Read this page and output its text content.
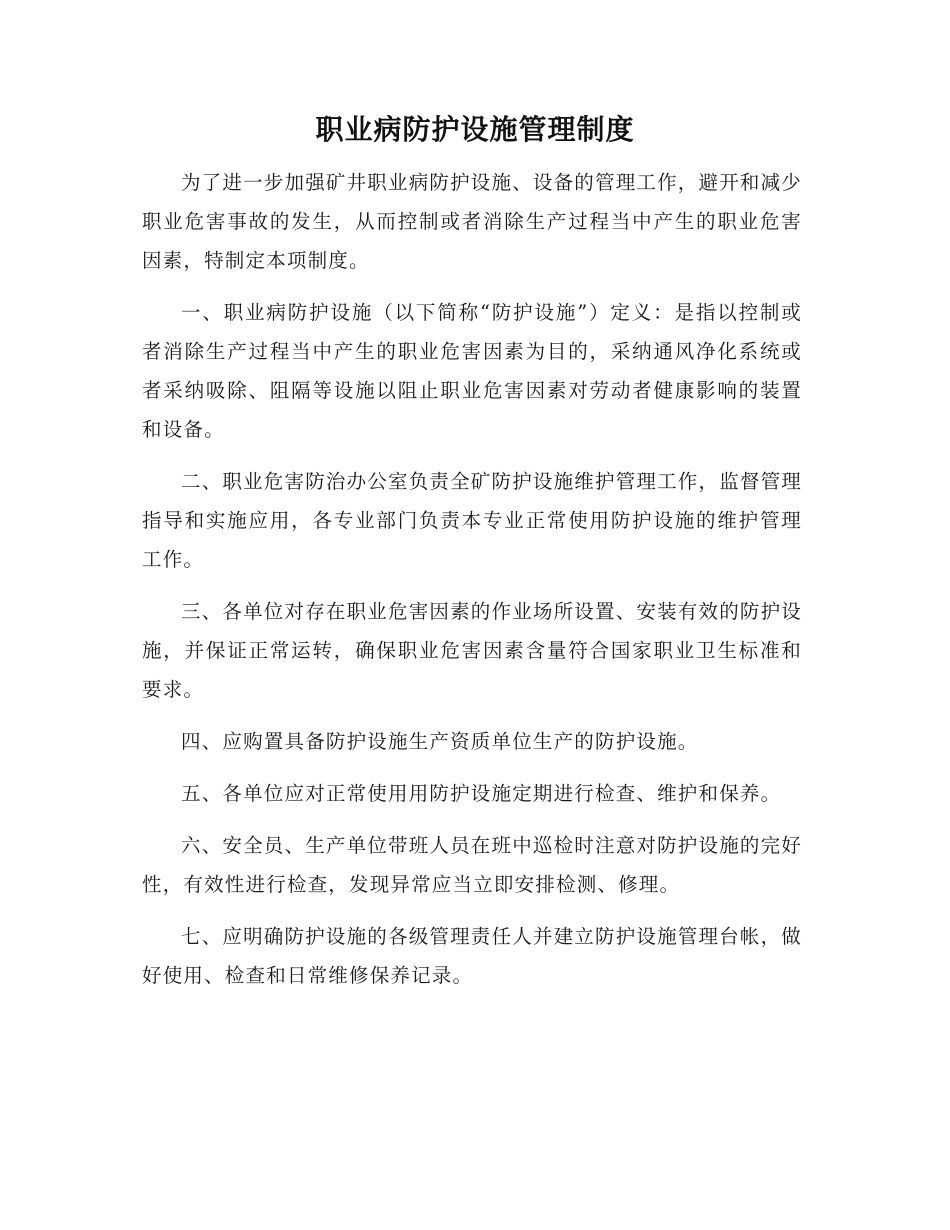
职业病防护设施管理制度

为了进一步加强矿井职业病防护设施、设备的管理工作，避开和减少职业危害事故的发生，从而控制或者消除生产过程当中产生的职业危害因素，特制定本项制度。

一、职业病防护设施（以下简称“防护设施”）定义：是指以控制或者消除生产过程当中产生的职业危害因素为目的，采纳通风净化系统或者采纳吸除、阻隔等设施以阻止职业危害因素对劳动者健康影响的装置和设备。

二、职业危害防治办公室负责全矿防护设施维护管理工作，监督管理指导和实施应用，各专业部门负责本专业正常使用防护设施的维护管理工作。

三、各单位对存在职业危害因素的作业场所设置、安装有效的防护设施，并保证正常运转，确保职业危害因素含量符合国家职业卫生标准和要求。

四、应购置具备防护设施生产资质单位生产的防护设施。

五、各单位应对正常使用用防护设施定期进行检查、维护和保养。

六、安全员、生产单位带班人员在班中巡检时注意对防护设施的完好性，有效性进行检查，发现异常应当立即安排检测、修理。

七、应明确防护设施的各级管理责任人并建立防护设施管理台帐，做好使用、检查和日常维修保养记录。
